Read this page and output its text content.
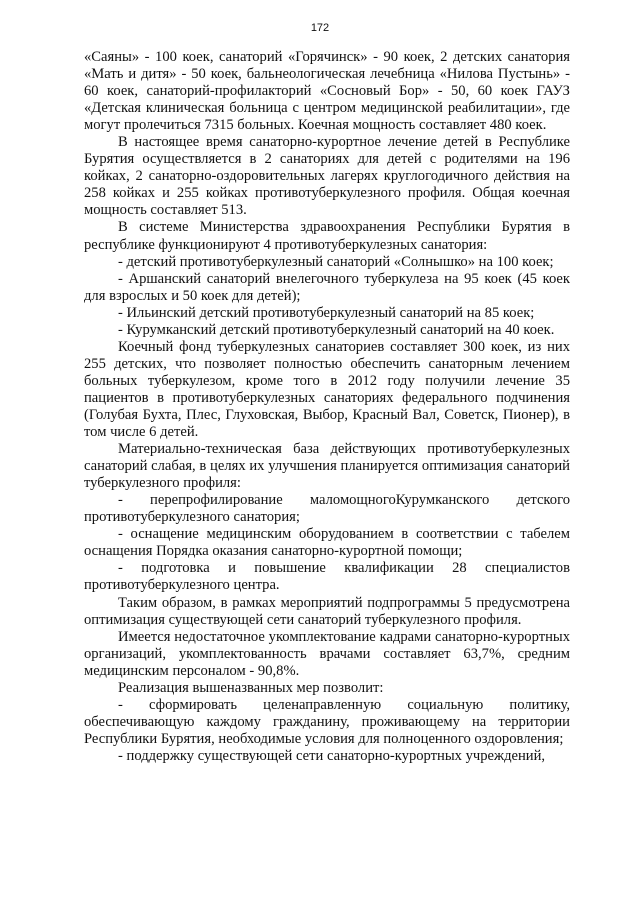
172

«Саяны» - 100 коек, санаторий «Горячинск» - 90 коек, 2 детских санатория «Мать и дитя» - 50 коек, бальнеологическая лечебница «Нилова Пустынь» - 60 коек, санаторий-профилакторий «Сосновый Бор» - 50, 60 коек ГАУЗ «Детская клиническая больница с центром медицинской реабилитации», где могут пролечиться 7315 больных. Коечная мощность составляет 480 коек.

В настоящее время санаторно-курортное лечение детей в Республике Бурятия осуществляется в 2 санаториях для детей с родителями на 196 койках, 2 санаторно-оздоровительных лагерях круглогодичного действия на 258 койках и 255 койках противотуберкулезного профиля. Общая коечная мощность составляет 513.

В системе Министерства здравоохранения Республики Бурятия в республике функционируют 4 противотуберкулезных санатория:

- детский противотуберкулезный санаторий «Солнышко» на 100 коек;

- Аршанский санаторий внелегочного туберкулеза на 95 коек (45 коек для взрослых и 50 коек для детей);

- Ильинский детский противотуберкулезный санаторий на 85 коек;

- Курумканский детский противотуберкулезный санаторий на 40 коек.

Коечный фонд туберкулезных санаториев составляет 300 коек, из них 255 детских, что позволяет полностью обеспечить санаторным лечением больных туберкулезом, кроме того в 2012 году получили лечение 35 пациентов в противотуберкулезных санаториях федерального подчинения (Голубая Бухта, Плес, Глуховская, Выбор, Красный Вал, Советск, Пионер), в том числе 6 детей.

Материально-техническая база действующих противотуберкулезных санаторий слабая, в целях их улучшения планируется оптимизация санаторий туберкулезного профиля:

- перепрофилирование маломощногоКурумканского детского противотуберкулезного санатория;

- оснащение медицинским оборудованием в соответствии с табелем оснащения Порядка оказания санаторно-курортной помощи;

- подготовка и повышение квалификации 28 специалистов противотуберкулезного центра.

Таким образом, в рамках мероприятий подпрограммы 5 предусмотрена оптимизация существующей сети санаторий туберкулезного профиля.

Имеется недостаточное укомплектование кадрами санаторно-курортных организаций, укомплектованность врачами составляет 63,7%, средним медицинским персоналом - 90,8%.

Реализация вышеназванных мер позволит:

- сформировать целенаправленную социальную политику, обеспечивающую каждому гражданину, проживающему на территории Республики Бурятия, необходимые условия для полноценного оздоровления;

- поддержку существующей сети санаторно-курортных учреждений,
